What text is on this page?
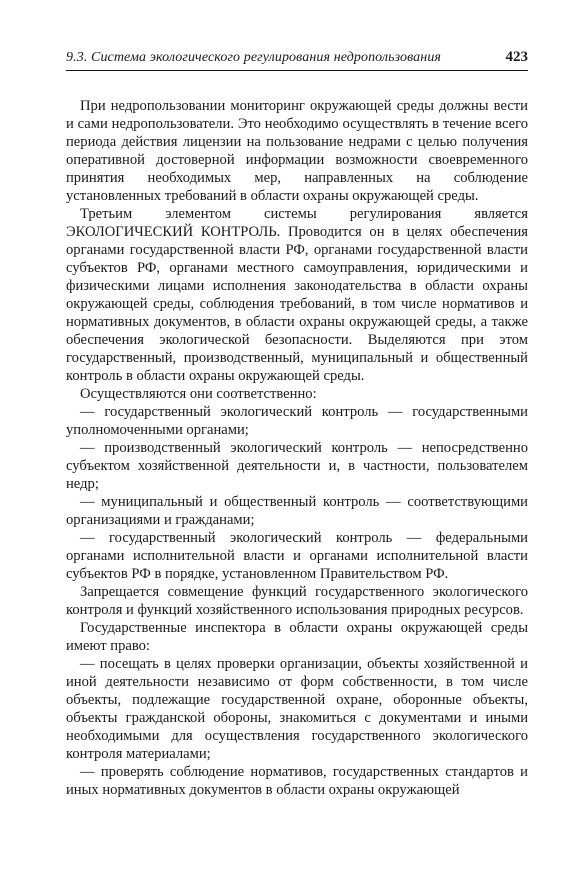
9.3. Система экологического регулирования недропользования	423

При недропользовании мониторинг окружающей среды должны вести и сами недропользователи. Это необходимо осуществлять в течение всего периода действия лицензии на пользование недрами с целью получения оперативной достоверной информации возможности своевременного принятия необходимых мер, направленных на соблюдение установленных требований в области охраны окружающей среды.

Третьим элементом системы регулирования является ЭКОЛОГИЧЕСКИЙ КОНТРОЛЬ. Проводится он в целях обеспечения органами государственной власти РФ, органами государственной власти субъектов РФ, органами местного самоуправления, юридическими и физическими лицами исполнения законодательства в области охраны окружающей среды, соблюдения требований, в том числе нормативов и нормативных документов, в области охраны окружающей среды, а также обеспечения экологической безопасности. Выделяются при этом государственный, производственный, муниципальный и общественный контроль в области охраны окружающей среды.

Осуществляются они соответственно:

— государственный экологический контроль — государственными уполномоченными органами;

— производственный экологический контроль — непосредственно субъектом хозяйственной деятельности и, в частности, пользователем недр;

— муниципальный и общественный контроль — соответствующими организациями и гражданами;

— государственный экологический контроль — федеральными органами исполнительной власти и органами исполнительной власти субъектов РФ в порядке, установленном Правительством РФ.

Запрещается совмещение функций государственного экологического контроля и функций хозяйственного использования природных ресурсов.

Государственные инспектора в области охраны окружающей среды имеют право:

— посещать в целях проверки организации, объекты хозяйственной и иной деятельности независимо от форм собственности, в том числе объекты, подлежащие государственной охране, оборонные объекты, объекты гражданской обороны, знакомиться с документами и иными необходимыми для осуществления государственного экологического контроля материалами;

— проверять соблюдение нормативов, государственных стандартов и иных нормативных документов в области охраны окружающей
